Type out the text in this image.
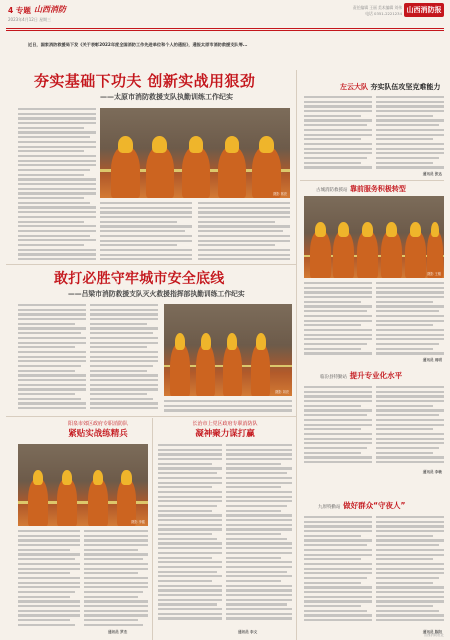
4 专题 山西消防
2023年4月12日 星期三
责任编辑 王丽 美术编辑 刘伟
电话 0351-2221234 山西消防报
近日，国家消防救援局下发《关于表彰2022年度全国消防工作先进单位和个人的通报》，通报太原市消防救援支队等...
夯实基础下功夫 创新实战用狠劲
——太原市消防救援支队执勤训练工作纪实
摄影 郭亮
左云大队 夯实队伍攻坚克难能力
通讯员 张达
古城消防救援站 靠前服务积极转型
摄影 王刚
通讯员 周明
临汾县特勤站 提升专业化水平
通讯员 李敏
九原特勤站 做好群众“守夜人”
通讯员 陈阳
敢打必胜守牢城市安全底线
——吕梁市消防救援支队灭火救援指挥部执勤训练工作纪实
摄影 刘亮
阳泉市郊区政府专职消防队
紧贴实战练精兵
摄影 李健
通讯员 罗杰
长治市上党区政府专职消防队
凝神聚力谋打赢
通讯员 李文
山西消防报社
